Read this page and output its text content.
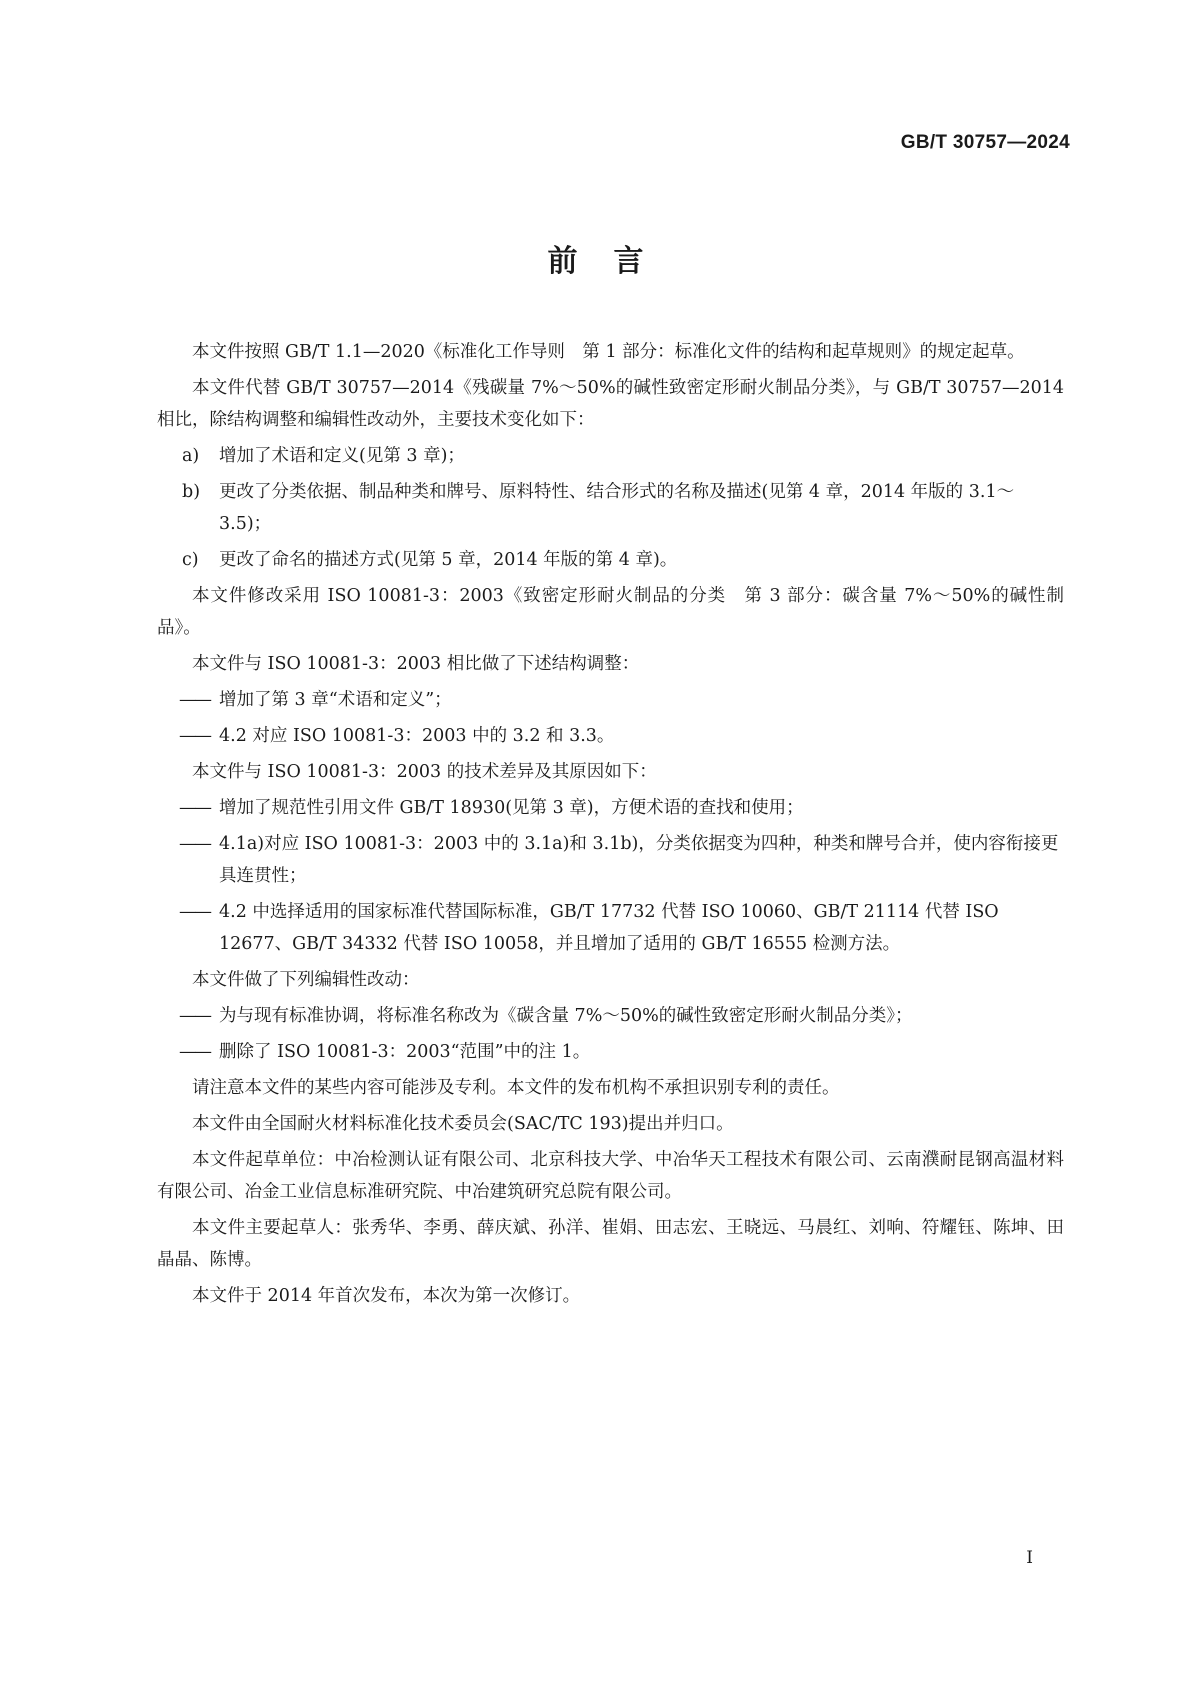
GB/T 30757—2024
前言
本文件按照 GB/T 1.1—2020《标准化工作导则　第 1 部分：标准化文件的结构和起草规则》的规定起草。
本文件代替 GB/T 30757—2014《残碳量 7%～50%的碱性致密定形耐火制品分类》，与 GB/T 30757—2014 相比，除结构调整和编辑性改动外，主要技术变化如下：
a) 增加了术语和定义(见第 3 章)；
b) 更改了分类依据、制品种类和牌号、原料特性、结合形式的名称及描述(见第 4 章，2014 年版的 3.1～3.5)；
c) 更改了命名的描述方式(见第 5 章，2014 年版的第 4 章)。
本文件修改采用 ISO 10081-3：2003《致密定形耐火制品的分类　第 3 部分：碳含量 7%～50%的碱性制品》。
本文件与 ISO 10081-3：2003 相比做了下述结构调整：
—— 增加了第 3 章“术语和定义”；
—— 4.2 对应 ISO 10081-3：2003 中的 3.2 和 3.3。
本文件与 ISO 10081-3：2003 的技术差异及其原因如下：
—— 增加了规范性引用文件 GB/T 18930(见第 3 章)，方便术语的查找和使用；
—— 4.1a)对应 ISO 10081-3：2003 中的 3.1a)和 3.1b)，分类依据变为四种，种类和牌号合并，使内容衔接更具连贯性；
—— 4.2 中选择适用的国家标准代替国际标准，GB/T 17732 代替 ISO 10060、GB/T 21114 代替 ISO 12677、GB/T 34332 代替 ISO 10058，并且增加了适用的 GB/T 16555 检测方法。
本文件做了下列编辑性改动：
—— 为与现有标准协调，将标准名称改为《碳含量 7%～50%的碱性致密定形耐火制品分类》；
—— 删除了 ISO 10081-3：2003“范围”中的注 1。
请注意本文件的某些内容可能涉及专利。本文件的发布机构不承担识别专利的责任。
本文件由全国耐火材料标准化技术委员会(SAC/TC 193)提出并归口。
本文件起草单位：中冶检测认证有限公司、北京科技大学、中冶华天工程技术有限公司、云南濮耐昆钢高温材料有限公司、冶金工业信息标准研究院、中冶建筑研究总院有限公司。
本文件主要起草人：张秀华、李勇、薛庆斌、孙洋、崔娟、田志宏、王晓远、马晨红、刘响、符耀钰、陈坤、田晶晶、陈博。
本文件于 2014 年首次发布，本次为第一次修订。
I
